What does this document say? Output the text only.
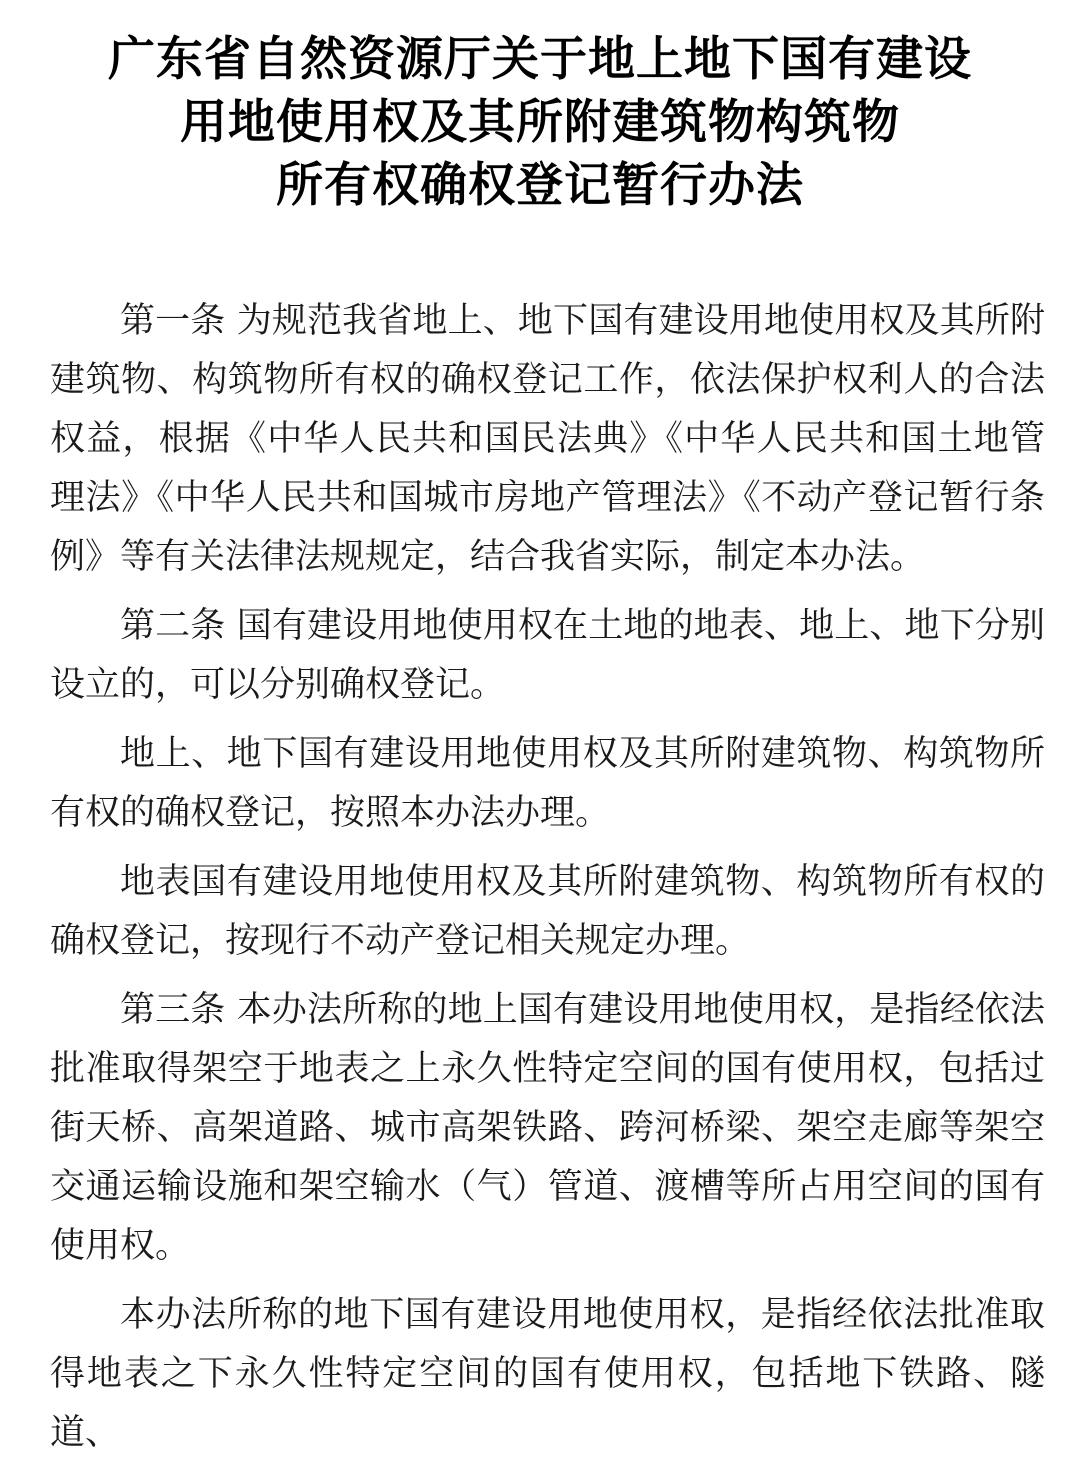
广东省自然资源厅关于地上地下国有建设
用地使用权及其所附建筑物构筑物
所有权确权登记暂行办法

第一条 为规范我省地上、地下国有建设用地使用权及其所附建筑物、构筑物所有权的确权登记工作，依法保护权利人的合法权益，根据《中华人民共和国民法典》《中华人民共和国土地管理法》《中华人民共和国城市房地产管理法》《不动产登记暂行条例》等有关法律法规规定，结合我省实际，制定本办法。

第二条 国有建设用地使用权在土地的地表、地上、地下分别设立的，可以分别确权登记。

地上、地下国有建设用地使用权及其所附建筑物、构筑物所有权的确权登记，按照本办法办理。

地表国有建设用地使用权及其所附建筑物、构筑物所有权的确权登记，按现行不动产登记相关规定办理。

第三条 本办法所称的地上国有建设用地使用权，是指经依法批准取得架空于地表之上永久性特定空间的国有使用权，包括过街天桥、高架道路、城市高架铁路、跨河桥梁、架空走廊等架空交通运输设施和架空输水（气）管道、渡槽等所占用空间的国有使用权。

本办法所称的地下国有建设用地使用权，是指经依法批准取得地表之下永久性特定空间的国有使用权，包括地下铁路、隧道、
